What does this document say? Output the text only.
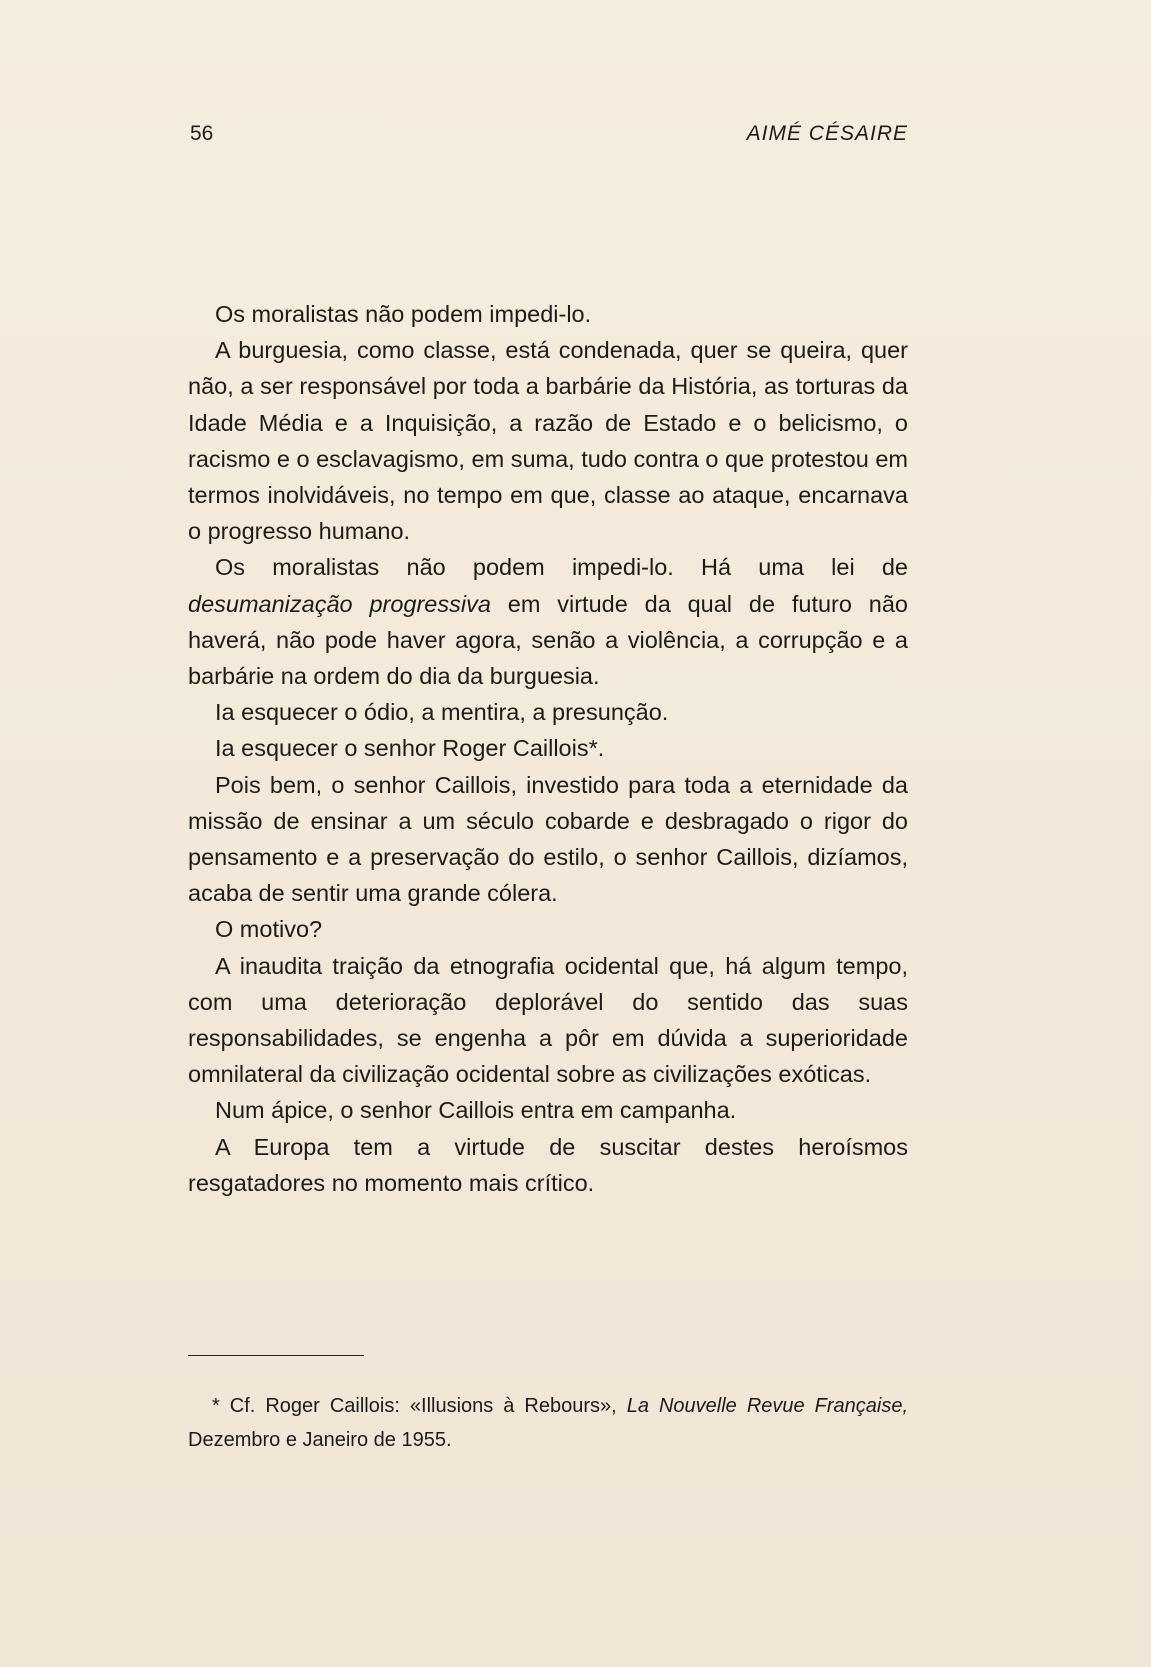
56	AIMÉ CÉSAIRE

Os moralistas não podem impedi-lo.

A burguesia, como classe, está condenada, quer se queira, quer não, a ser responsável por toda a barbárie da História, as torturas da Idade Média e a Inquisição, a razão de Estado e o belicismo, o racismo e o esclavagismo, em suma, tudo contra o que protestou em termos inolvidáveis, no tempo em que, classe ao ataque, encarnava o progresso humano.

Os moralistas não podem impedi-lo. Há uma lei de desumanização progressiva em virtude da qual de futuro não haverá, não pode haver agora, senão a violência, a corrupção e a barbárie na ordem do dia da burguesia.

Ia esquecer o ódio, a mentira, a presunção.

Ia esquecer o senhor Roger Caillois*.

Pois bem, o senhor Caillois, investido para toda a eternidade da missão de ensinar a um século cobarde e desbragado o rigor do pensamento e a preservação do estilo, o senhor Caillois, dizíamos, acaba de sentir uma grande cólera.

O motivo?

A inaudita traição da etnografia ocidental que, há algum tempo, com uma deterioração deplorável do sentido das suas responsabilidades, se engenha a pôr em dúvida a superioridade omnilateral da civilização ocidental sobre as civilizações exóticas.

Num ápice, o senhor Caillois entra em campanha.

A Europa tem a virtude de suscitar destes heroísmos resgatadores no momento mais crítico.

* Cf. Roger Caillois: «Illusions à Rebours», La Nouvelle Revue Française, Dezembro e Janeiro de 1955.
